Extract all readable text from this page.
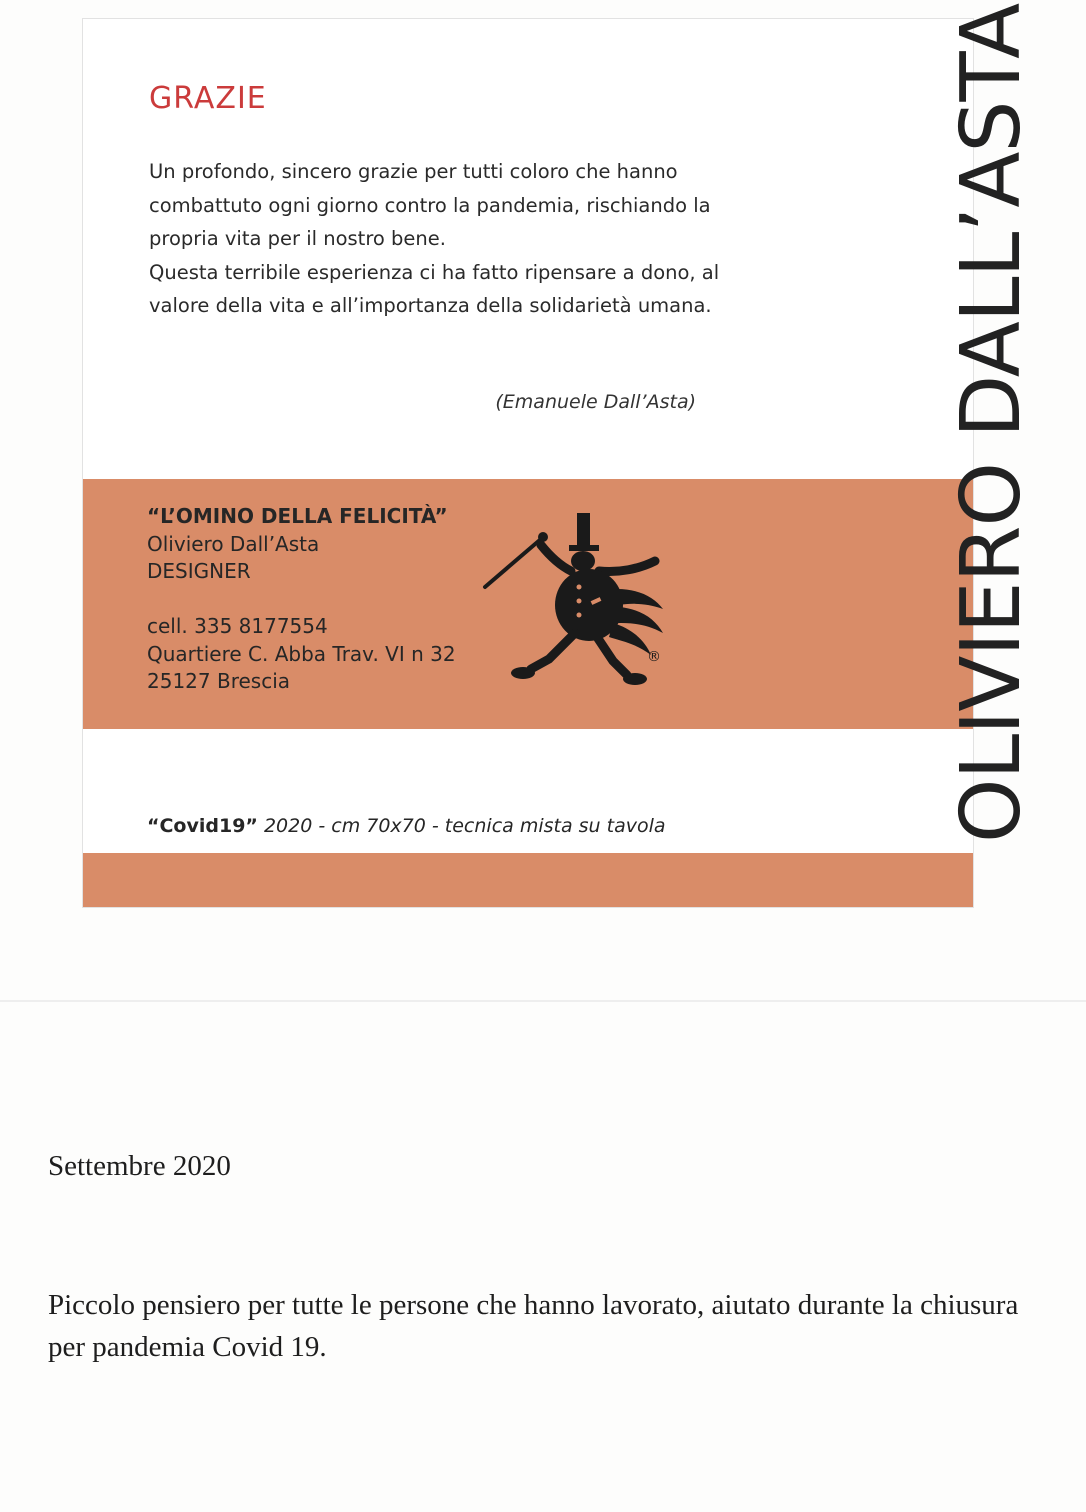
GRAZIE

Un profondo, sincero grazie per tutti coloro che hanno combattuto ogni giorno contro la pandemia, rischiando la propria vita per il nostro bene.

Questa terribile esperienza ci ha fatto ripensare a dono, al valore della vita e all’importanza della solidarietà umana.

(Emanuele Dall’Asta)
“L’OMINO DELLA FELICITÀ”
Oliviero Dall’Asta
DESIGNER
cell. 335 8177554
Quartiere C. Abba Trav. VI n 32
25127 Brescia
®
“Covid19” 2020 - cm 70x70 - tecnica mista su tavola	OLIVIERO DALL’ASTA
Settembre 2020
Piccolo pensiero per tutte le persone che hanno lavorato, aiutato durante la chiusura per pandemia Covid 19.
